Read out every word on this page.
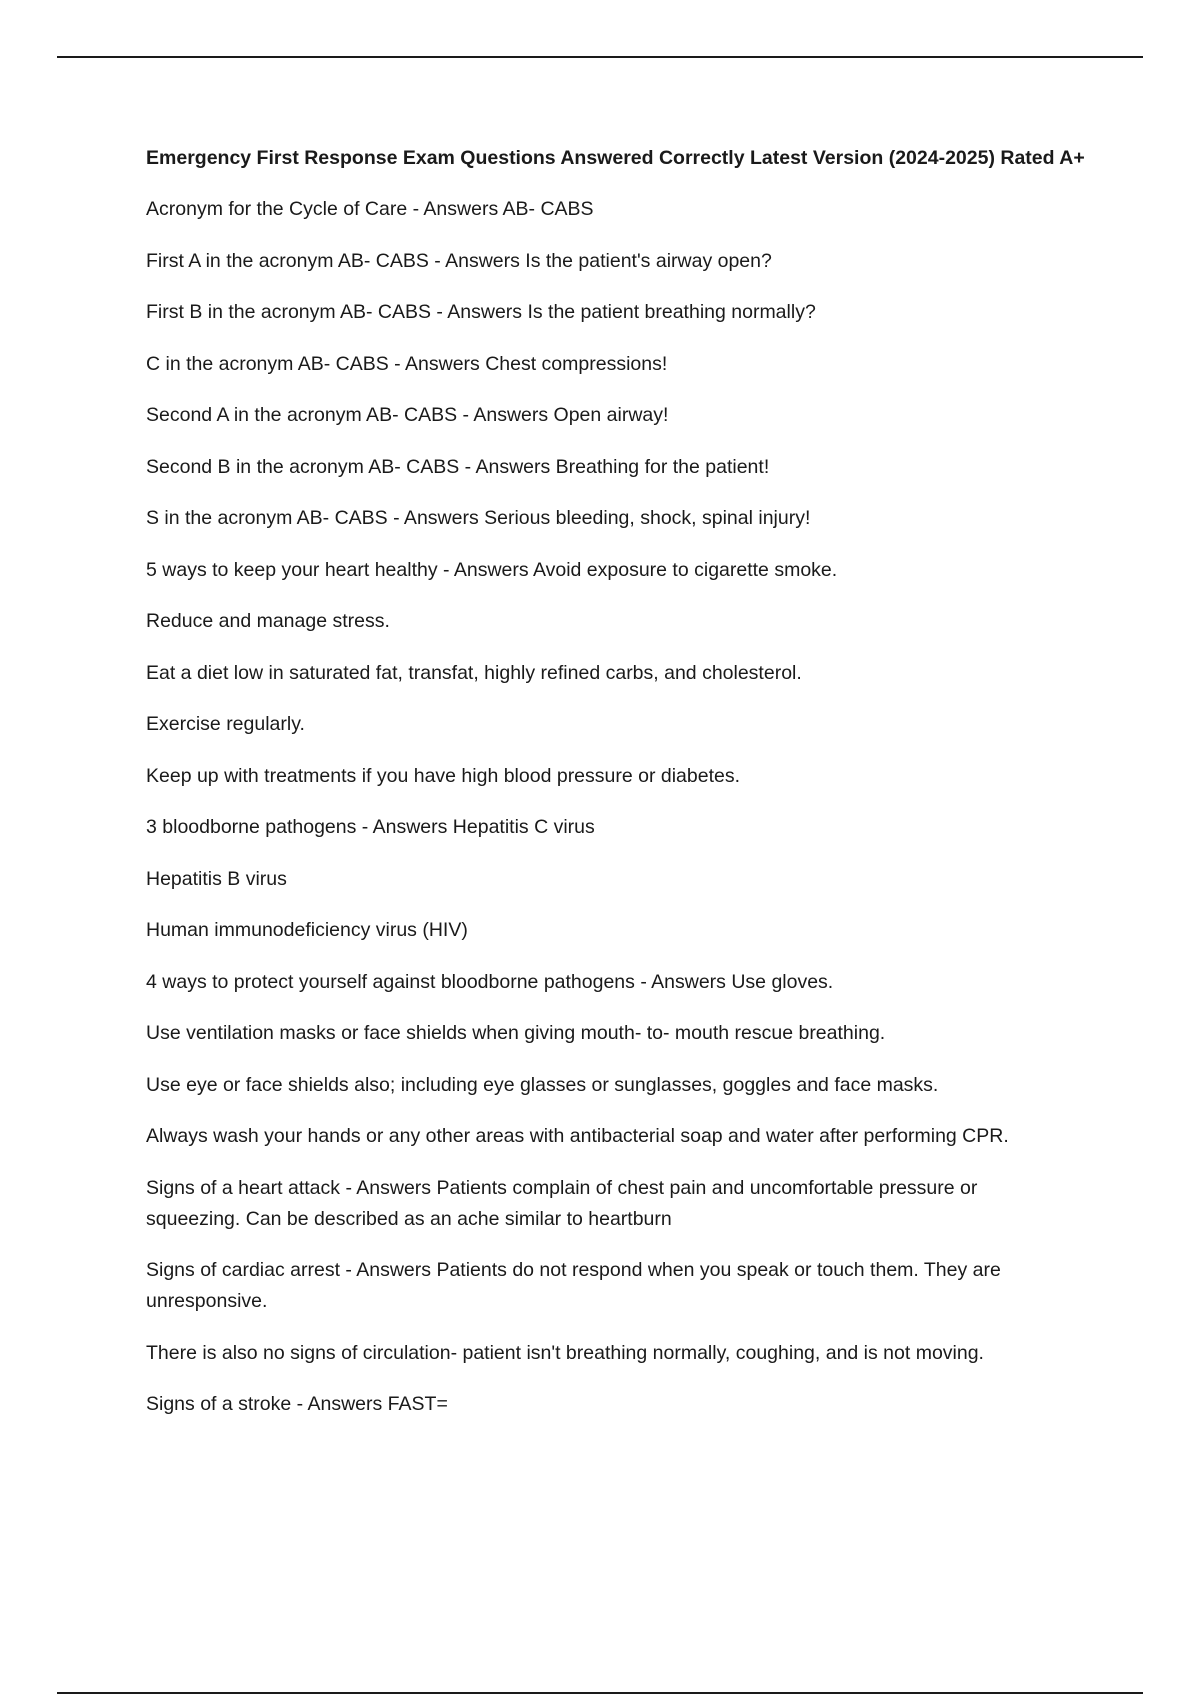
Emergency First Response Exam Questions Answered Correctly Latest Version (2024-2025) Rated A+

Acronym for the Cycle of Care - Answers AB- CABS

First A in the acronym AB- CABS - Answers Is the patient's airway open?

First B in the acronym AB- CABS - Answers Is the patient breathing normally?

C in the acronym AB- CABS - Answers Chest compressions!

Second A in the acronym AB- CABS - Answers Open airway!

Second B in the acronym AB- CABS - Answers Breathing for the patient!

S in the acronym AB- CABS - Answers Serious bleeding, shock, spinal injury!

5 ways to keep your heart healthy - Answers Avoid exposure to cigarette smoke.

Reduce and manage stress.

Eat a diet low in saturated fat, transfat, highly refined carbs, and cholesterol.

Exercise regularly.

Keep up with treatments if you have high blood pressure or diabetes.

3 bloodborne pathogens - Answers Hepatitis C virus

Hepatitis B virus

Human immunodeficiency virus (HIV)

4 ways to protect yourself against bloodborne pathogens - Answers Use gloves.

Use ventilation masks or face shields when giving mouth- to- mouth rescue breathing.

Use eye or face shields also; including eye glasses or sunglasses, goggles and face masks.

Always wash your hands or any other areas with antibacterial soap and water after performing CPR.

Signs of a heart attack - Answers Patients complain of chest pain and uncomfortable pressure or squeezing. Can be described as an ache similar to heartburn

Signs of cardiac arrest - Answers Patients do not respond when you speak or touch them. They are unresponsive.

There is also no signs of circulation- patient isn't breathing normally, coughing, and is not moving.

Signs of a stroke - Answers FAST=
